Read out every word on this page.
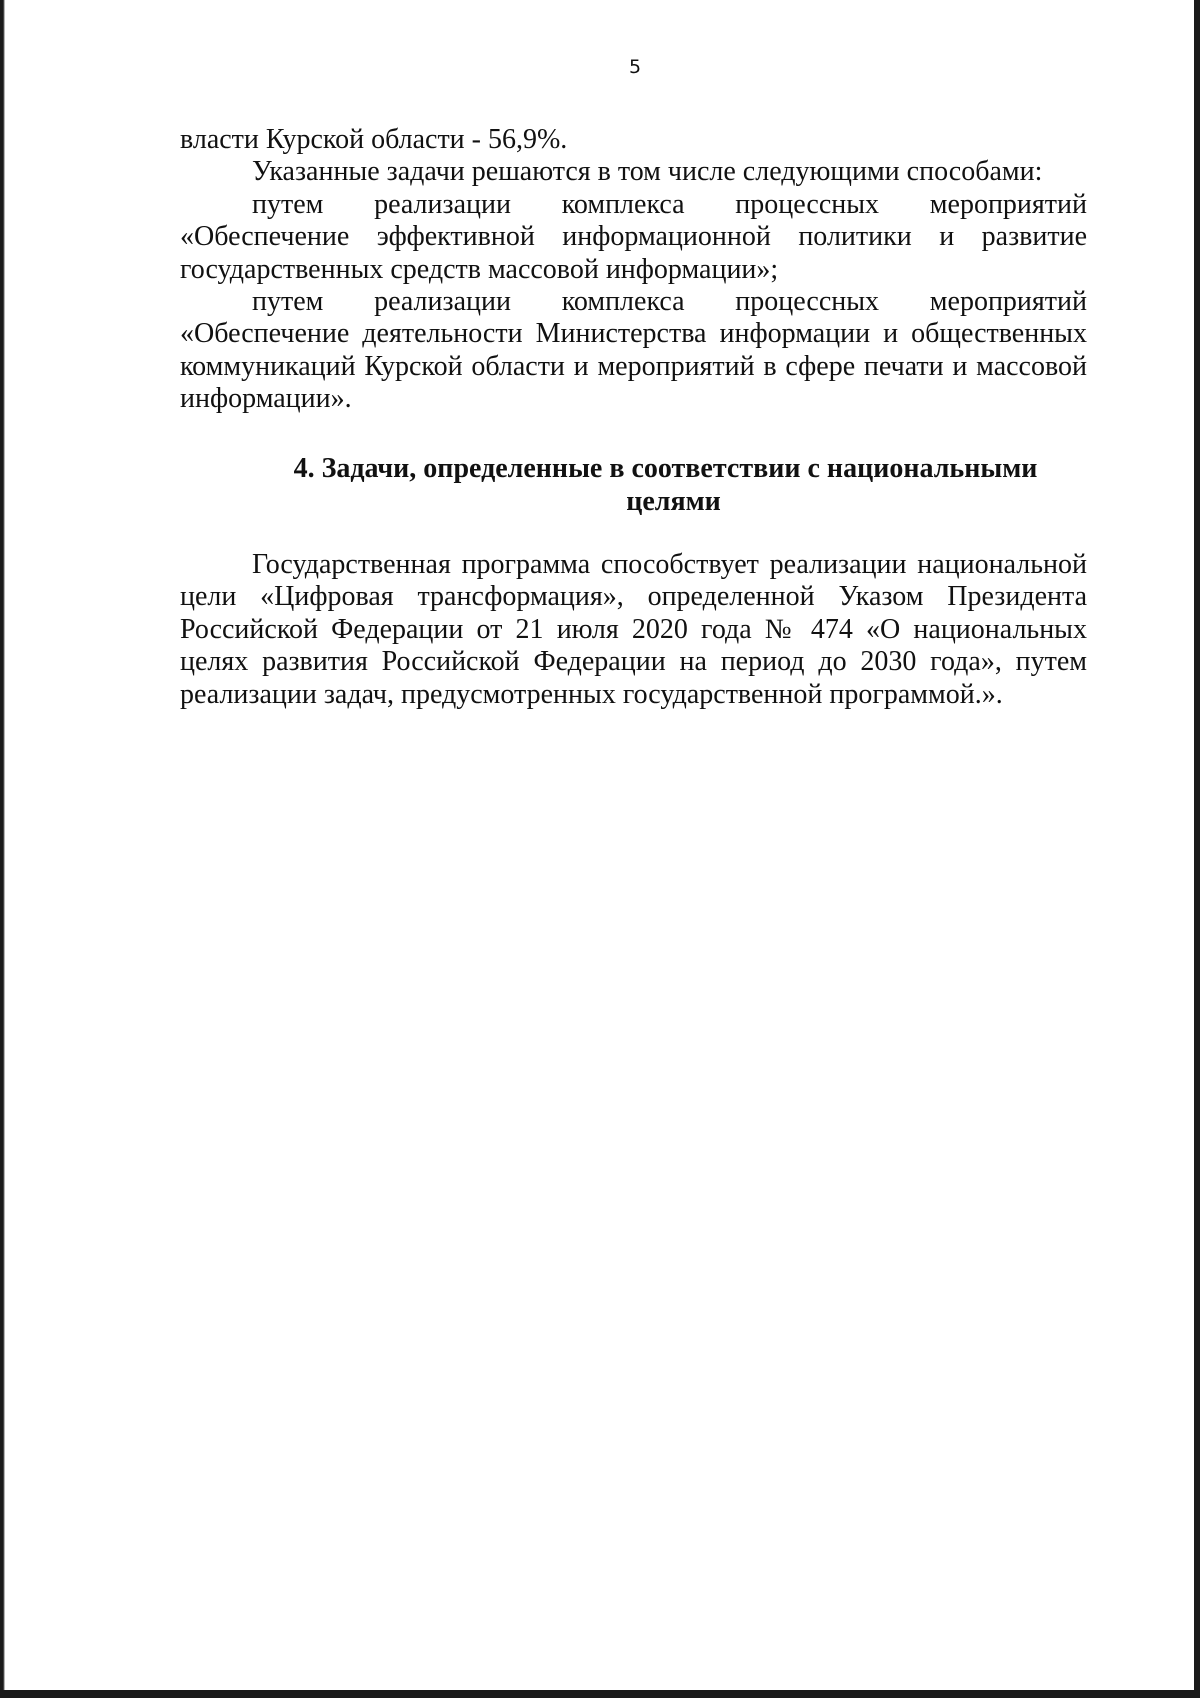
5

власти Курской области - 56,9%.

Указанные задачи решаются в том числе следующими способами:

путем реализации комплекса процессных мероприятий «Обеспечение эффективной информационной политики и развитие государственных средств массовой информации»;

путем реализации комплекса процессных мероприятий «Обеспечение деятельности Министерства информации и общественных коммуникаций Курской области и мероприятий в сфере печати и массовой информации».

4. Задачи, определенные в соответствии с национальными
целями

Государственная программа способствует реализации национальной цели «Цифровая трансформация», определенной Указом Президента Российской Федерации от 21 июля 2020 года № 474 «О национальных целях развития Российской Федерации на период до 2030 года», путем реализации задач, предусмотренных государственной программой.».
